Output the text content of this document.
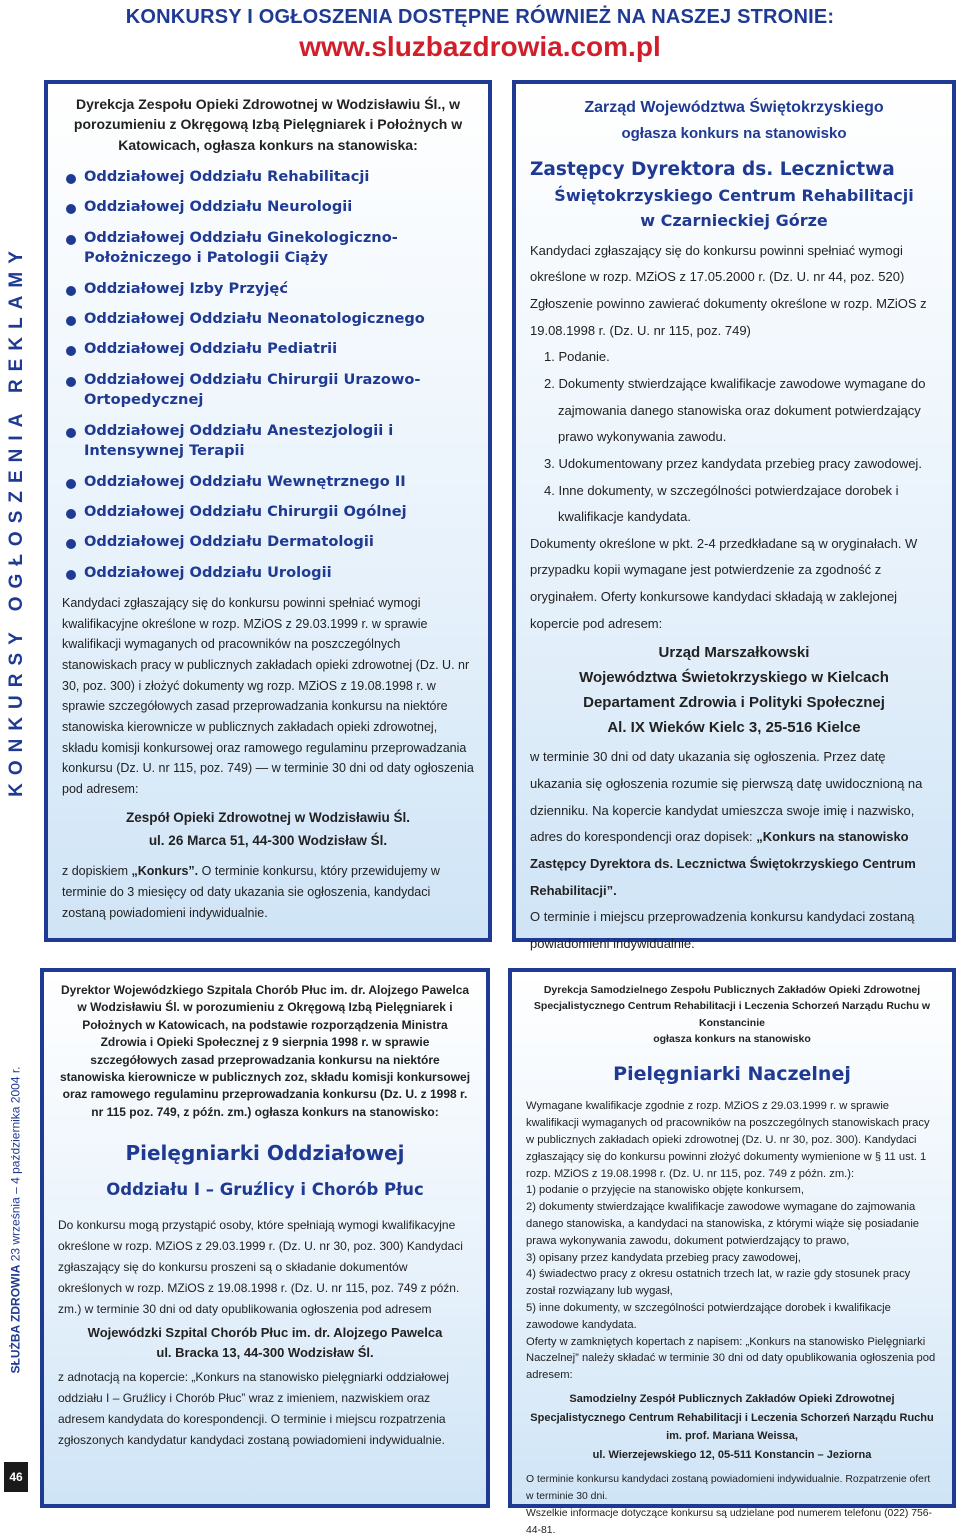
KONKURSY I OGŁOSZENIA DOSTĘPNE RÓWNIEŻ NA NASZEJ STRONIE:
www.sluzbazdrowia.com.pl
KONKURSY OGŁOSZENIA REKLAMY
SŁUŻBA ZDROWIA 23 września – 4 października 2004 r.
46
Dyrekcja Zespołu Opieki Zdrowotnej w Wodzisławiu Śl., w porozumieniu z Okręgową Izbą Pielęgniarek i Położnych w Katowicach, ogłasza konkurs na stanowiska:
Oddziałowej Oddziału Rehabilitacji
Oddziałowej Oddziału Neurologii
Oddziałowej Oddziału Ginekologiczno-Położniczego i Patologii Ciąży
Oddziałowej Izby Przyjęć
Oddziałowej Oddziału Neonatologicznego
Oddziałowej Oddziału Pediatrii
Oddziałowej Oddziału Chirurgii Urazowo-Ortopedycznej
Oddziałowej Oddziału Anestezjologii i Intensywnej Terapii
Oddziałowej Oddziału Wewnętrznego II
Oddziałowej Oddziału Chirurgii Ogólnej
Oddziałowej Oddziału Dermatologii
Oddziałowej Oddziału Urologii

Kandydaci zgłaszający się do konkursu powinni spełniać wymogi kwalifikacyjne określone w rozp. MZiOS z 29.03.1999 r. w sprawie kwalifikacji wymaganych od pracowników na poszczególnych stanowiskach pracy w publicznych zakładach opieki zdrowotnej (Dz. U. nr 30, poz. 300) i złożyć dokumenty wg rozp. MZiOS z 19.08.1998 r. w sprawie szczegółowych zasad przeprowadzania konkursu na niektóre stanowiska kierownicze w publicznych zakładach opieki zdrowotnej, składu komisji konkursowej oraz ramowego regulaminu przeprowadzania konkursu (Dz. U. nr 115, poz. 749) — w terminie 30 dni od daty ogłoszenia pod adresem:

Zespół Opieki Zdrowotnej w Wodzisławiu Śl.
ul. 26 Marca 51, 44-300 Wodzisław Śl.

z dopiskiem „Konkurs”. O terminie konkursu, który przewidujemy w terminie do 3 miesięcy od daty ukazania sie ogłoszenia, kandydaci zostaną powiadomieni indywidualnie.

Zarząd Województwa Świętokrzyskiego
ogłasza konkurs na stanowisko
Zastępcy Dyrektora ds. Lecznictwa
Świętokrzyskiego Centrum Rehabilitacji
w Czarnieckiej Górze

Kandydaci zgłaszający się do konkursu powinni spełniać wymogi określone w rozp. MZiOS z 17.05.2000 r. (Dz. U. nr 44, poz. 520) Zgłoszenie powinno zawierać dokumenty określone w rozp. MZiOS z 19.08.1998 r. (Dz. U. nr 115, poz. 749)

1. Podanie.
2. Dokumenty stwierdzające kwalifikacje zawodowe wymagane do zajmowania danego stanowiska oraz dokument potwierdzający prawo wykonywania zawodu.
3. Udokumentowany przez kandydata przebieg pracy zawodowej.
4. Inne dokumenty, w szczególności potwierdzajace dorobek i kwalifikacje kandydata.

Dokumenty określone w pkt. 2-4 przedkładane są w oryginałach. W przypadku kopii wymagane jest potwierdzenie za zgodność z oryginałem. Oferty konkursowe kandydaci składają w zaklejonej kopercie pod adresem:

Urząd Marszałkowski
Województwa Świetokrzyskiego w Kielcach
Departament Zdrowia i Polityki Społecznej
Al. IX Wieków Kielc 3, 25-516 Kielce

w terminie 30 dni od daty ukazania się ogłoszenia. Przez datę ukazania się ogłoszenia rozumie się pierwszą datę uwidocznioną na dzienniku. Na kopercie kandydat umieszcza swoje imię i nazwisko, adres do korespondencji oraz dopisek: „Konkurs na stanowisko Zastępcy Dyrektora ds. Lecznictwa Świętokrzyskiego Centrum Rehabilitacji”.

O terminie i miejscu przeprowadzenia konkursu kandydaci zostaną powiadomieni indywidualnie.

Dyrektor Wojewódzkiego Szpitala Chorób Płuc im. dr. Alojzego Pawelca w Wodzisławiu Śl. w porozumieniu z Okręgową Izbą Pielęgniarek i Położnych w Katowicach, na podstawie rozporządzenia Ministra Zdrowia i Opieki Społecznej z 9 sierpnia 1998 r. w sprawie szczegółowych zasad przeprowadzania konkursu na niektóre stanowiska kierownicze w publicznych zoz, składu komisji konkursowej oraz ramowego regulaminu przeprowadzania konkursu (Dz. U. z 1998 r. nr 115 poz. 749, z późn. zm.) ogłasza konkurs na stanowisko:
Pielęgniarki Oddziałowej
Oddziału I – Gruźlicy i Chorób Płuc

Do konkursu mogą przystąpić osoby, które spełniają wymogi kwalifikacyjne określone w rozp. MZiOS z 29.03.1999 r. (Dz. U. nr 30, poz. 300) Kandydaci zgłaszający się do konkursu proszeni są o składanie dokumentów określonych w rozp. MZiOS z 19.08.1998 r. (Dz. U. nr 115, poz. 749 z późn. zm.) w terminie 30 dni od daty opublikowania ogłoszenia pod adresem

Wojewódzki Szpital Chorób Płuc im. dr. Alojzego Pawelca
ul. Bracka 13, 44-300 Wodzisław Śl.

z adnotacją na kopercie: „Konkurs na stanowisko pielęgniarki oddziałowej oddziału I – Gruźlicy i Chorób Płuc” wraz z imieniem, nazwiskiem oraz adresem kandydata do korespondencji. O terminie i miejscu rozpatrzenia zgłoszonych kandydatur kandydaci zostaną powiadomieni indywidualnie.

Dyrekcja Samodzielnego Zespołu Publicznych Zakładów Opieki Zdrowotnej
Specjalistycznego Centrum Rehabilitacji i Leczenia Schorzeń Narządu Ruchu w Konstancinie
ogłasza konkurs na stanowisko
Pielęgniarki Naczelnej

Wymagane kwalifikacje zgodnie z rozp. MZiOS z 29.03.1999 r. w sprawie kwalifikacji wymaganych od pracowników na poszczególnych stanowiskach pracy w publicznych zakładach opieki zdrowotnej (Dz. U. nr 30, poz. 300). Kandydaci zgłaszający się do konkursu powinni złożyć dokumenty wymienione w § 11 ust. 1 rozp. MZiOS z 19.08.1998 r. (Dz. U. nr 115, poz. 749 z późn. zm.):

1) podanie o przyjęcie na stanowisko objęte konkursem,
2) dokumenty stwierdzające kwalifikacje zawodowe wymagane do zajmowania danego stanowiska, a kandydaci na stanowiska, z którymi wiąże się posiadanie prawa wykonywania zawodu, dokument potwierdzający to prawo,
3) opisany przez kandydata przebieg pracy zawodowej,
4) świadectwo pracy z okresu ostatnich trzech lat, w razie gdy stosunek pracy został rozwiązany lub wygasł,
5) inne dokumenty, w szczególności potwierdzające dorobek i kwalifikacje zawodowe kandydata.

Oferty w zamkniętych kopertach z napisem: „Konkurs na stanowisko Pielęgniarki Naczelnej” należy składać w terminie 30 dni od daty opublikowania ogłoszenia pod adresem:

Samodzielny Zespół Publicznych Zakładów Opieki Zdrowotnej
Specjalistycznego Centrum Rehabilitacji i Leczenia Schorzeń Narządu Ruchu im. prof. Mariana Weissa,
ul. Wierzejewskiego 12, 05-511 Konstancin – Jeziorna
O terminie konkursu kandydaci zostaną powiadomieni indywidualnie. Rozpatrzenie ofert w terminie 30 dni.
Wszelkie informacje dotyczące konkursu są udzielane pod numerem telefonu (022) 756-44-81.
